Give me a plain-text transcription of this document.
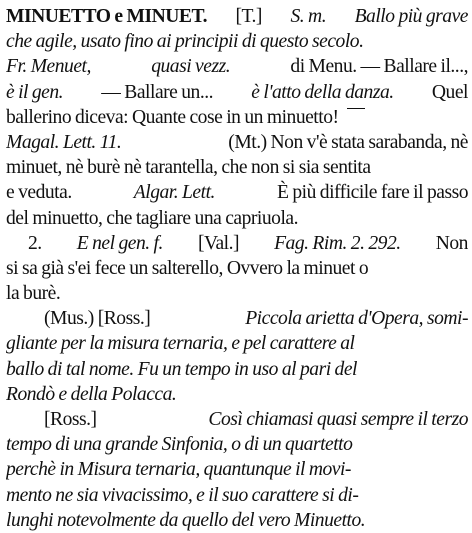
MINUETTO e MINUET. [T.] S. m. Ballo più grave
che agile, usato fino ai principii di questo secolo.
Fr. Menuet,	quasi vezz.	di Menu. — Ballare il...,
è il gen. — Ballare un... è l'atto della danza. Quel
ballerino diceva: Quante cose in un minuetto!
Magal. Lett. 11.	(Mt.) Non v'è stata sarabanda, nè
minuet, nè burè nè tarantella, che non si sia sentita
e veduta.	Algar. Lett.	È più difficile fare il passo
del minuetto, che tagliare una capriuola.
2. E nel gen. f. [Val.] Fag. Rim. 2. 292. Non
si sa già s'ei fece un salterello, Ovvero la minuet o
la burè.
(Mus.) [Ross.]	Piccola arietta d'Opera, somi-
gliante per la misura ternaria, e pel carattere al
ballo di tal nome. Fu un tempo in uso al pari del
Rondò e della Polacca.
[Ross.]	Così chiamasi quasi sempre il terzo
tempo di una grande Sinfonia, o di un quartetto
perchè in Misura ternaria, quantunque il movi-
mento ne sia vivacissimo, e il suo carattere si di-
lunghi notevolmente da quello del vero Minuetto.
